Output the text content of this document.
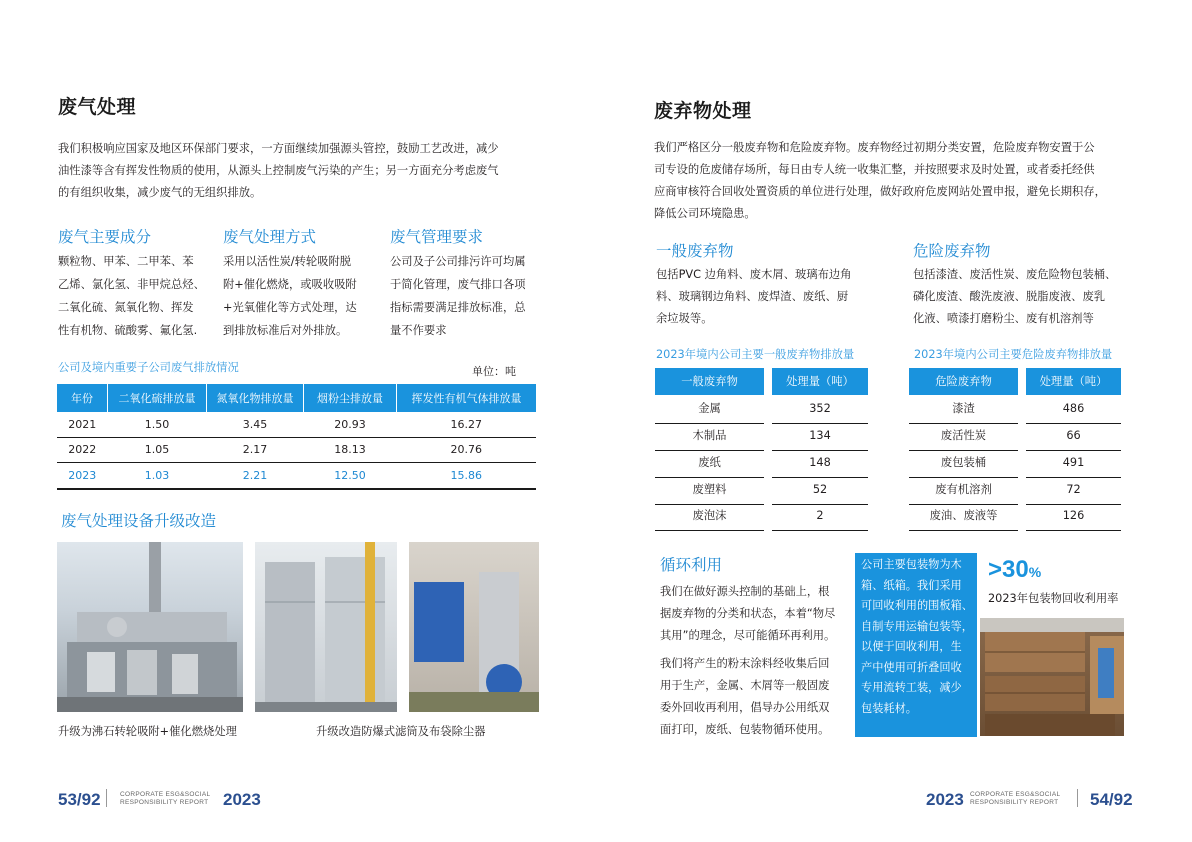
废气处理
我们积极响应国家及地区环保部门要求，一方面继续加强源头管控，鼓励工艺改进，减少
油性漆等含有挥发性物质的使用，从源头上控制废气污染的产生；另一方面充分考虑废气
的有组织收集，减少废气的无组织排放。
废气主要成分
颗粒物、甲苯、二甲苯、苯
乙烯、氯化氢、非甲烷总烃、
二氧化硫、氮氧化物、挥发
性有机物、硫酸雾、氟化氢.
废气处理方式
采用以活性炭/转轮吸附脱
附+催化燃烧，或吸收吸附
+光氧催化等方式处理，达
到排放标准后对外排放。
废气管理要求
公司及子公司排污许可均属
于简化管理，废气排口各项
指标需要满足排放标准，总
量不作要求
公司及境内重要子公司废气排放情况	单位：吨
年份	二氧化硫排放量	氮氧化物排放量	烟粉尘排放量	挥发性有机气体排放量
2021	1.50	3.45	20.93	16.27
2022	1.05	2.17	18.13	20.76
2023	1.03	2.21	12.50	15.86
废气处理设备升级改造
升级为沸石转轮吸附+催化燃烧处理	升级改造防爆式滤筒及布袋除尘器
53/92	CORPORATE ESG&SOCIAL
RESPONSIBILITY REPORT 2023
废弃物处理
我们严格区分一般废弃物和危险废弃物。废弃物经过初期分类安置，危险废弃物安置于公
司专设的危废储存场所，每日由专人统一收集汇整，并按照要求及时处置，或者委托经供
应商审核符合回收处置资质的单位进行处理，做好政府危废网站处置申报，避免长期积存，
降低公司环境隐患。
一般废弃物
包括PVC 边角料、废木屑、玻璃布边角
料、玻璃钢边角料、废焊渣、废纸、厨
余垃圾等。
危险废弃物
包括漆渣、废活性炭、废危险物包装桶、
磷化废渣、酸洗废液、脱脂废液、废乳
化液、喷漆打磨粉尘、废有机溶剂等
2023年境内公司主要一般废弃物排放量
一般废弃物	处理量（吨）
金属	352
木制品	134
废纸	148
废塑料	52
废泡沫	2
2023年境内公司主要危险废弃物排放量
危险废弃物	处理量（吨）
漆渣	486
废活性炭	66
废包装桶	491
废有机溶剂	72
废油、废液等	126
循环利用
我们在做好源头控制的基础上，根
据废弃物的分类和状态，本着“物尽
其用”的理念，尽可能循环再利用。
我们将产生的粉末涂料经收集后回
用于生产，金属、木屑等一般固废
委外回收再利用，倡导办公用纸双
面打印，废纸、包装物循环使用。
公司主要包装物为木
箱、纸箱。我们采用
可回收利用的围板箱、
自制专用运输包装等，
以便于回收利用，生
产中使用可折叠回收
专用流转工装，减少
包装耗材。
>30%
2023年包装物回收利用率
2023 CORPORATE ESG&SOCIAL
RESPONSIBILITY REPORT 54/92
